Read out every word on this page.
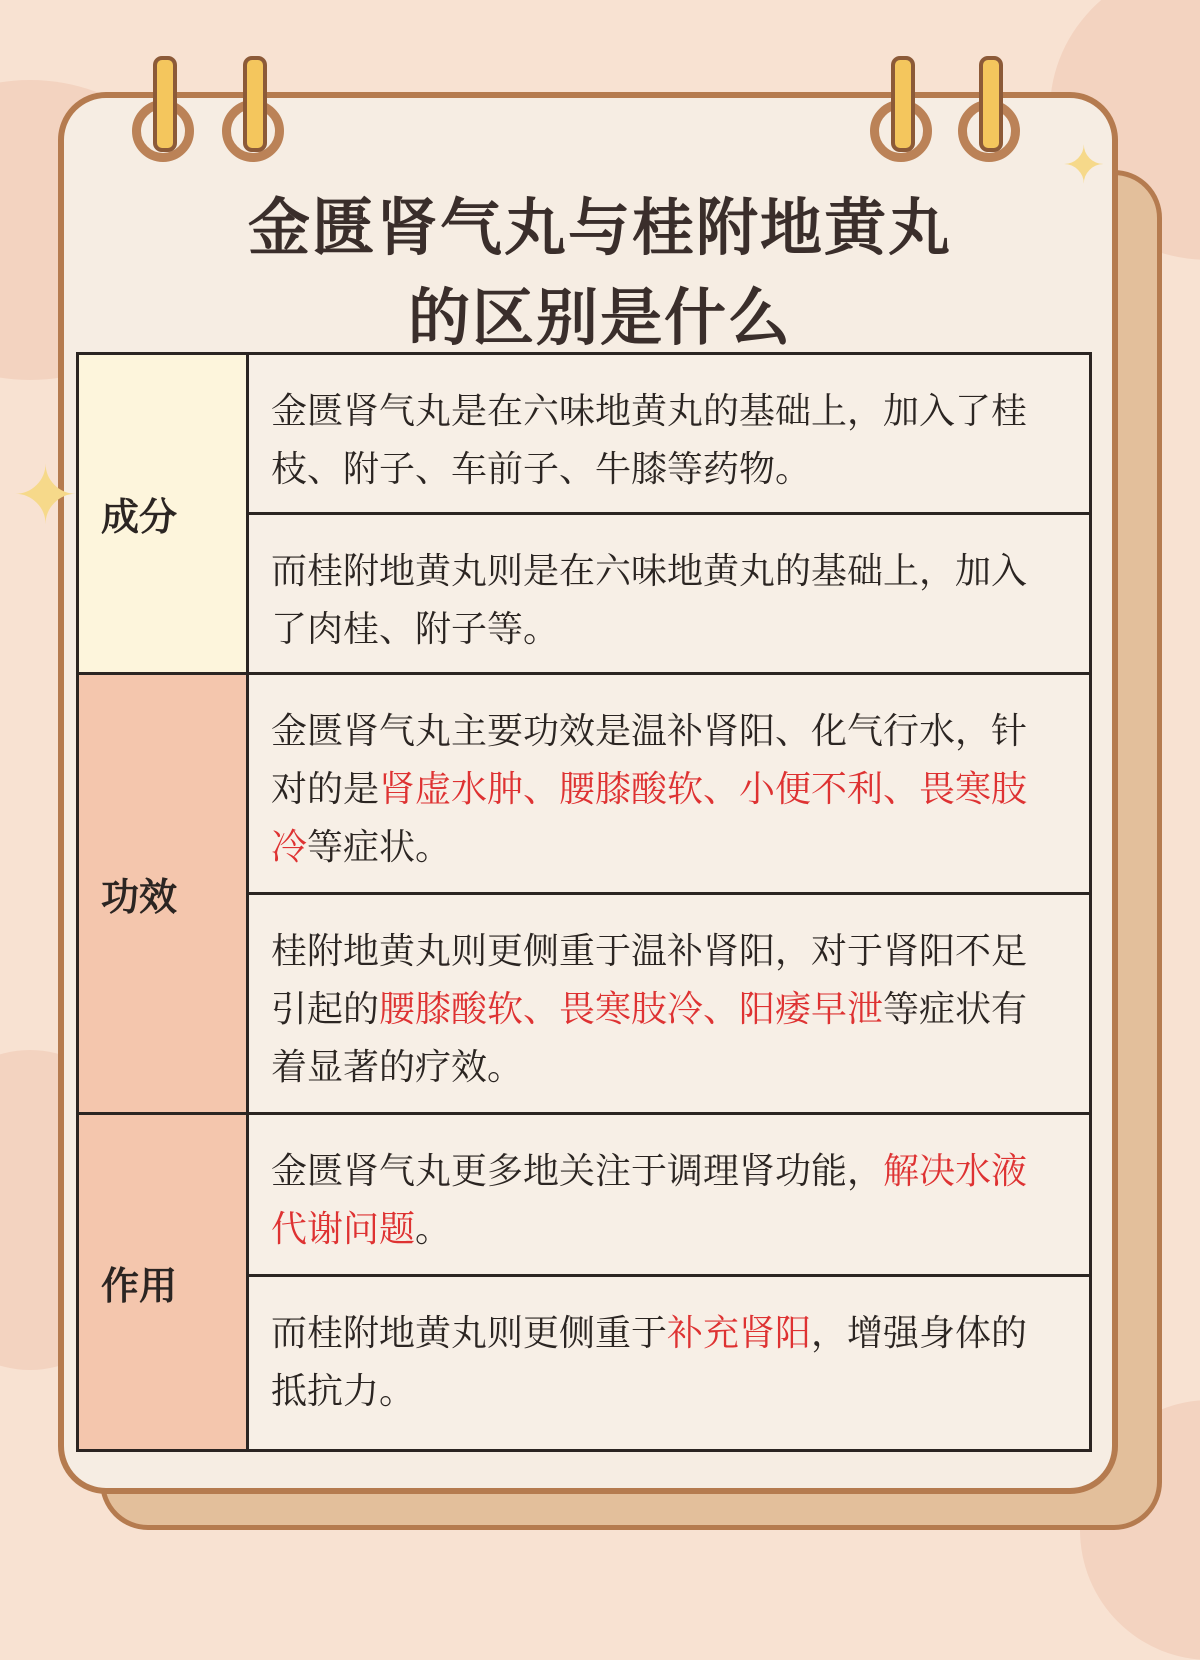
✦
✦
金匮肾气丸与桂附地黄丸
的区别是什么
成分
金匮肾气丸是在六味地黄丸的基础上，加入了桂枝、附子、车前子、牛膝等药物。
而桂附地黄丸则是在六味地黄丸的基础上，加入了肉桂、附子等。
功效
金匮肾气丸主要功效是温补肾阳、化气行水，针对的是肾虚水肿、腰膝酸软、小便不利、畏寒肢冷等症状。
桂附地黄丸则更侧重于温补肾阳，对于肾阳不足引起的腰膝酸软、畏寒肢冷、阳痿早泄等症状有着显著的疗效。
作用
金匮肾气丸更多地关注于调理肾功能，解决水液代谢问题。
而桂附地黄丸则更侧重于补充肾阳，增强身体的抵抗力。
